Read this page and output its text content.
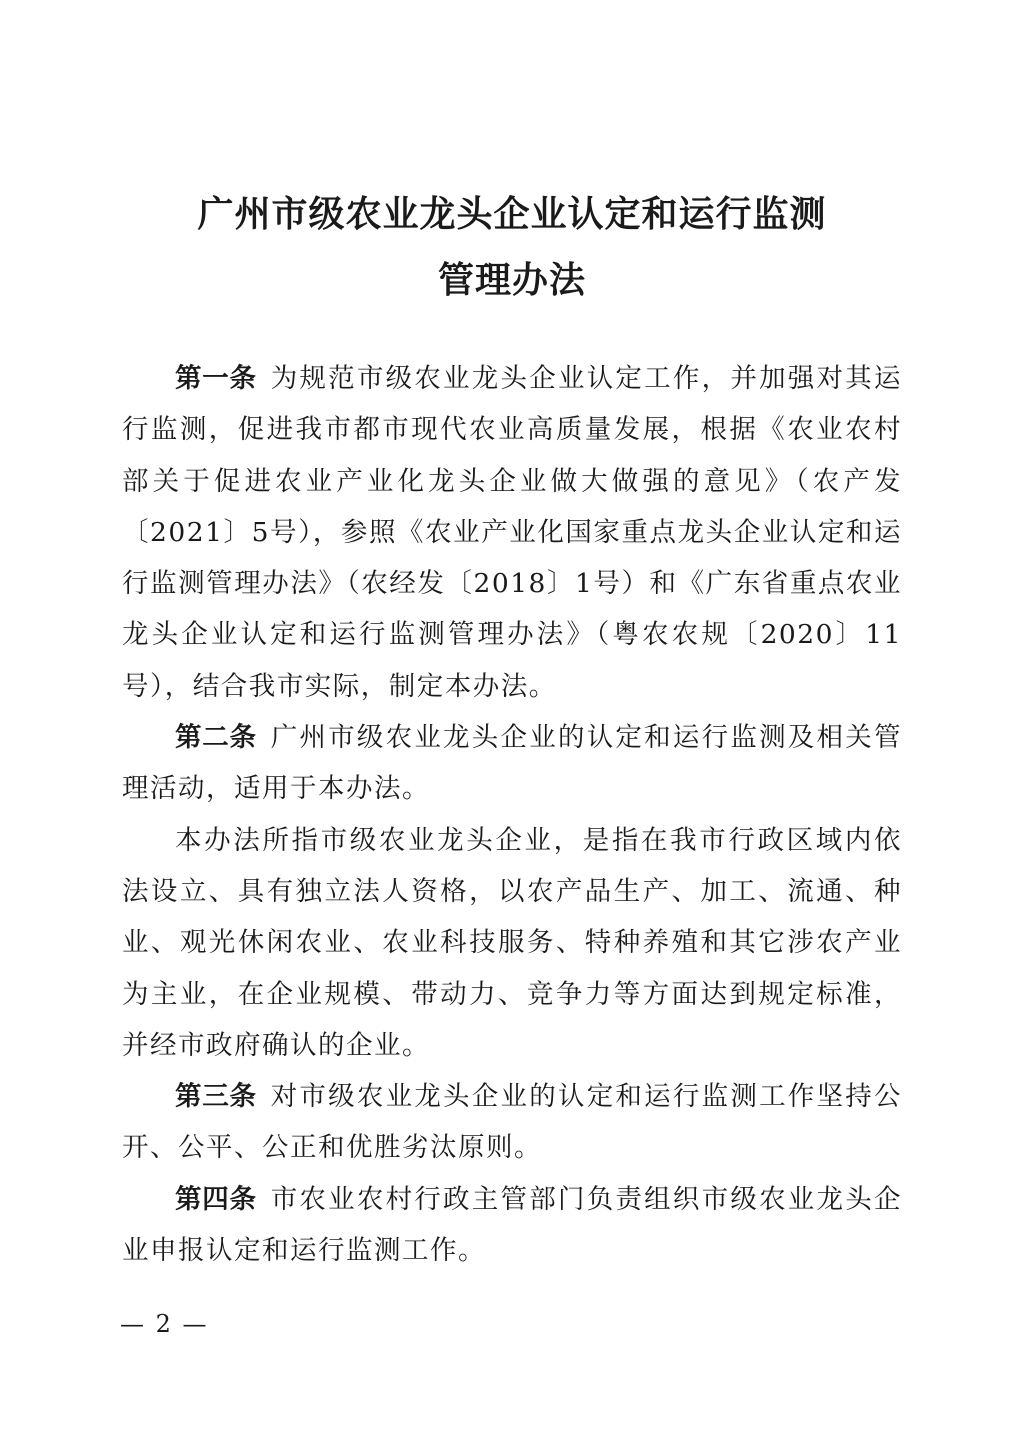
广州市级农业龙头企业认定和运行监测
管理办法

第一条 为规范市级农业龙头企业认定工作，并加强对其运行监测，促进我市都市现代农业高质量发展，根据《农业农村部关于促进农业产业化龙头企业做大做强的意见》（农产发〔2021〕5号），参照《农业产业化国家重点龙头企业认定和运行监测管理办法》（农经发〔2018〕1号）和《广东省重点农业龙头企业认定和运行监测管理办法》（粤农农规〔2020〕11号），结合我市实际，制定本办法。

第二条 广州市级农业龙头企业的认定和运行监测及相关管理活动，适用于本办法。

本办法所指市级农业龙头企业，是指在我市行政区域内依法设立、具有独立法人资格，以农产品生产、加工、流通、种业、观光休闲农业、农业科技服务、特种养殖和其它涉农产业为主业，在企业规模、带动力、竞争力等方面达到规定标准，并经市政府确认的企业。

第三条 对市级农业龙头企业的认定和运行监测工作坚持公开、公平、公正和优胜劣汰原则。

第四条 市农业农村行政主管部门负责组织市级农业龙头企业申报认定和运行监测工作。

— 2 —
